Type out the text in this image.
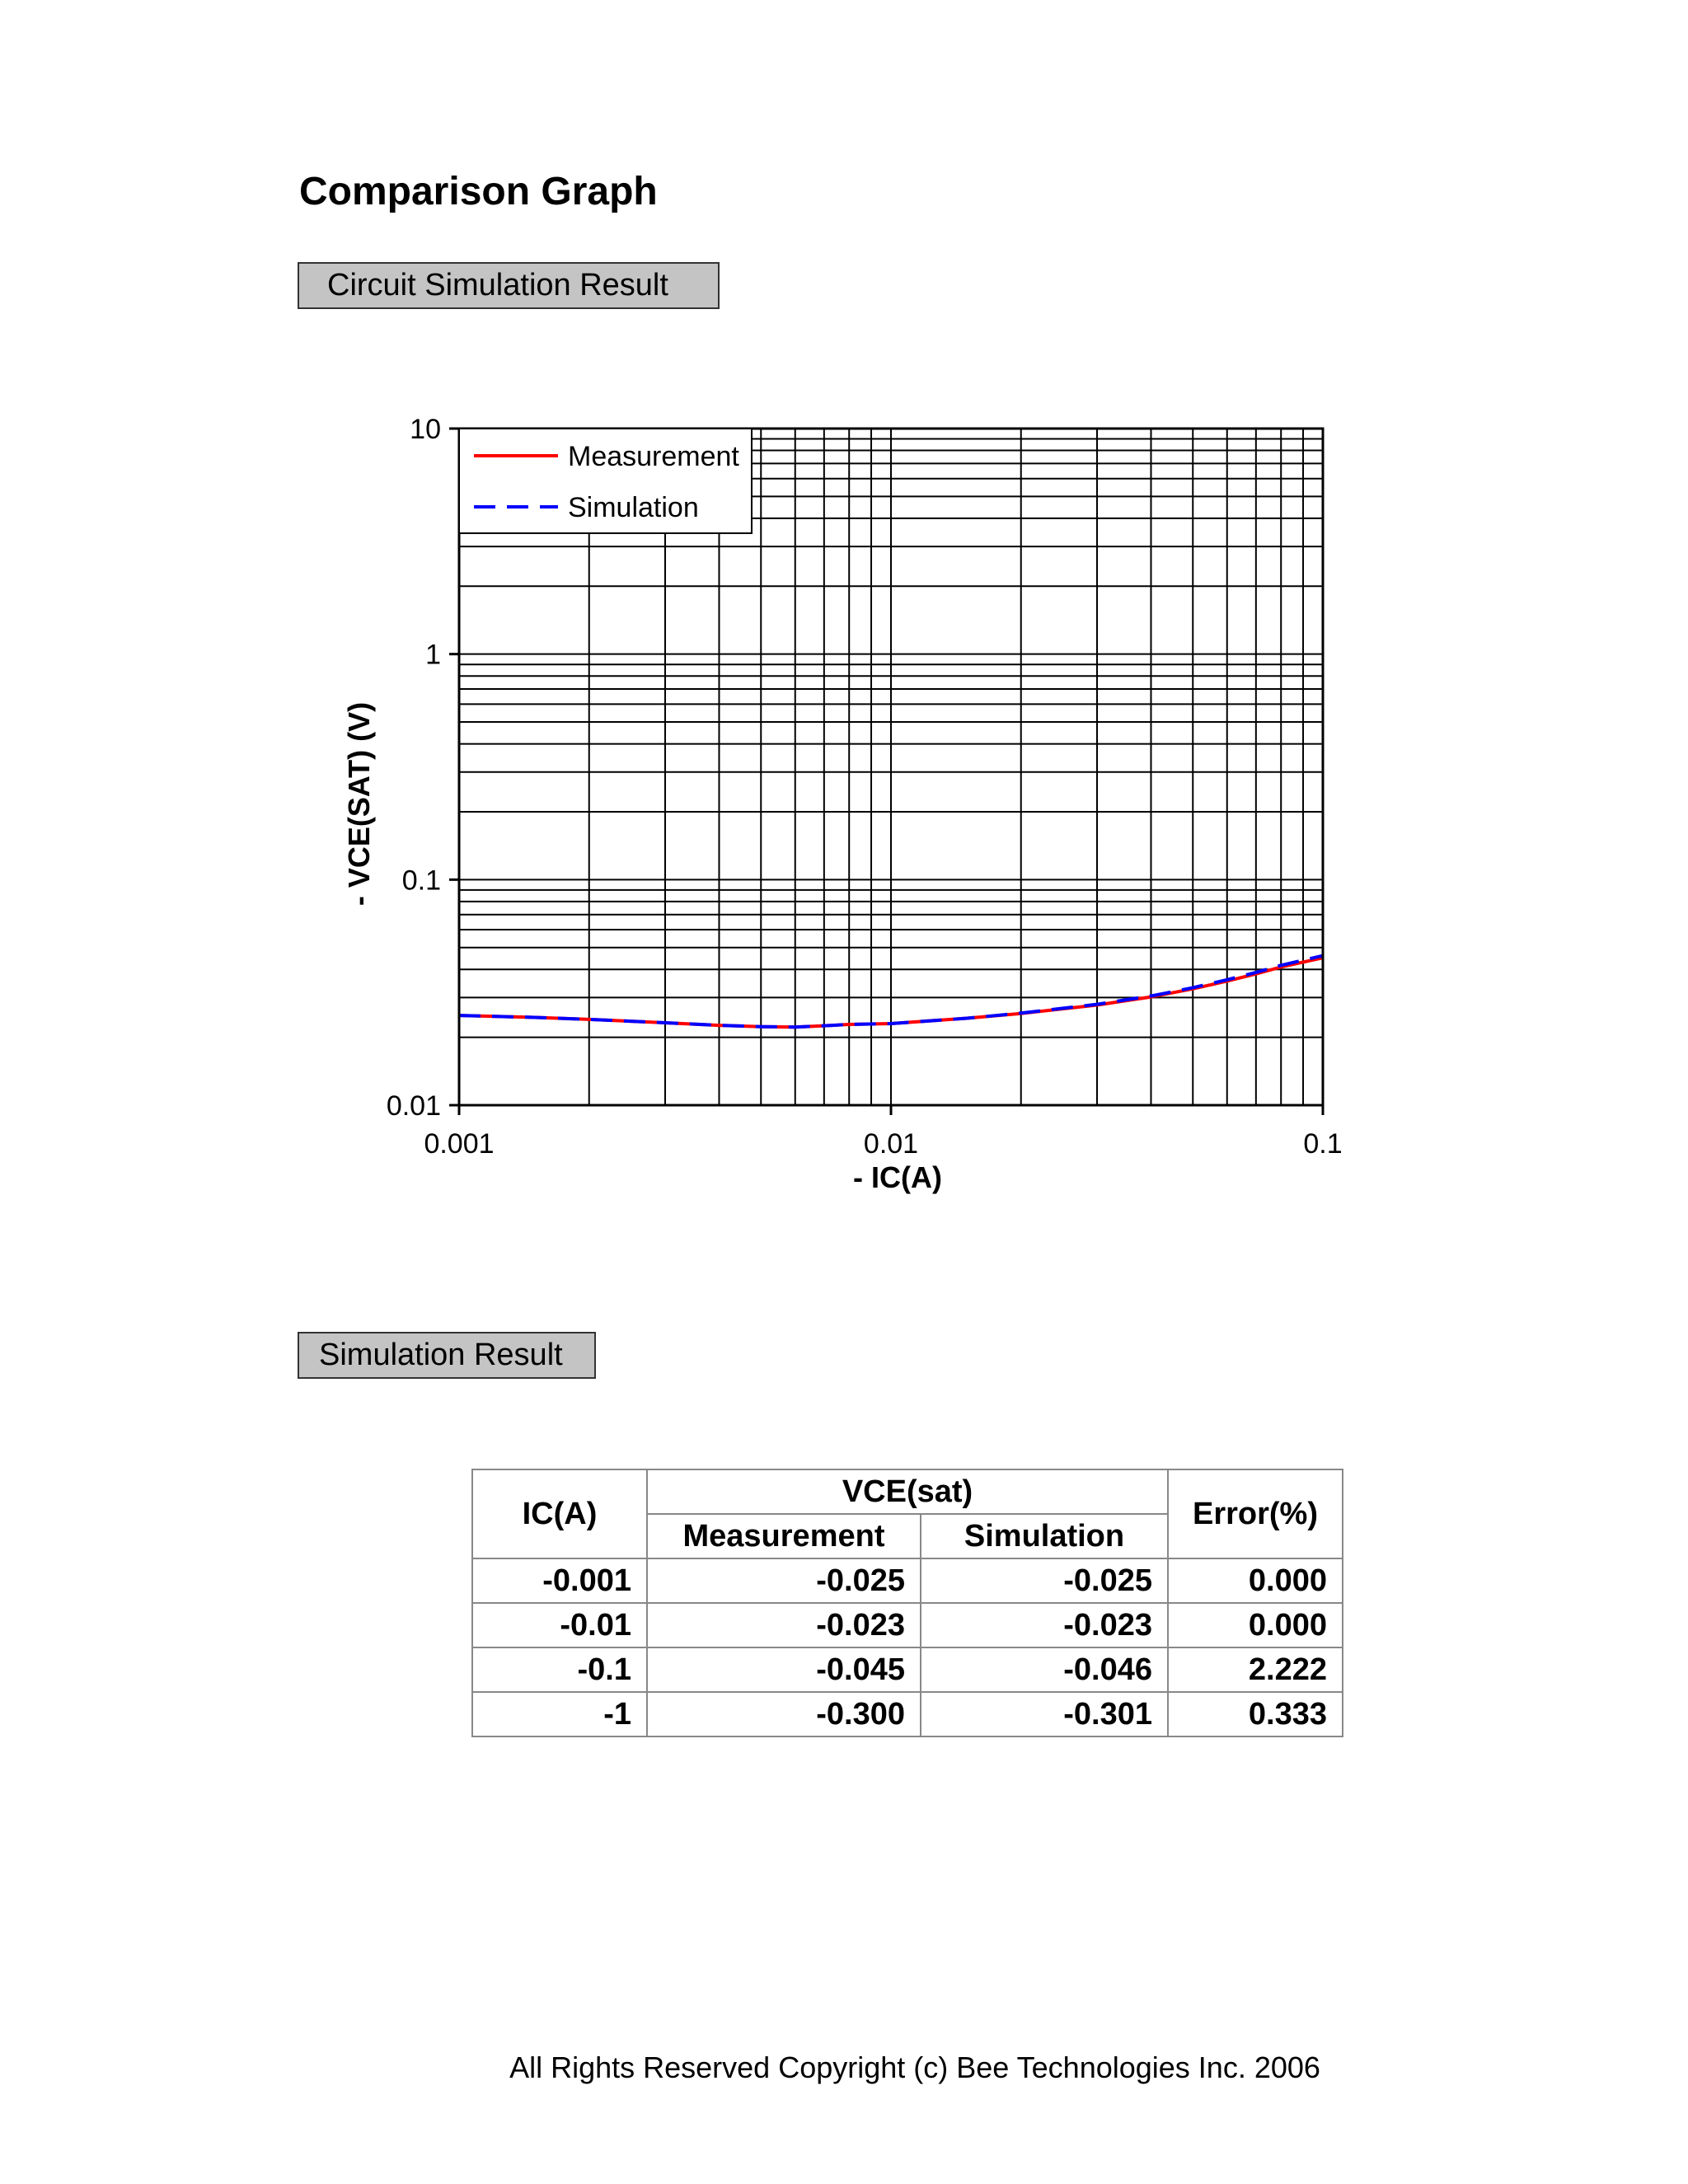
Comparison Graph
Circuit Simulation Result
0.001	0.01	0.1
0.01
0.1
1
10
Measurement
Simulation
- IC(A)
- VCE(SAT) (V)
Simulation Result
IC(A)	VCE(sat)		Error(%)
	Measurement	Simulation	
-0.001	-0.025	-0.025	0.000
-0.01	-0.023	-0.023	0.000
-0.1	-0.045	-0.046	2.222
-1	-0.300	-0.301	0.333
All Rights Reserved Copyright (c) Bee Technologies Inc. 2006
